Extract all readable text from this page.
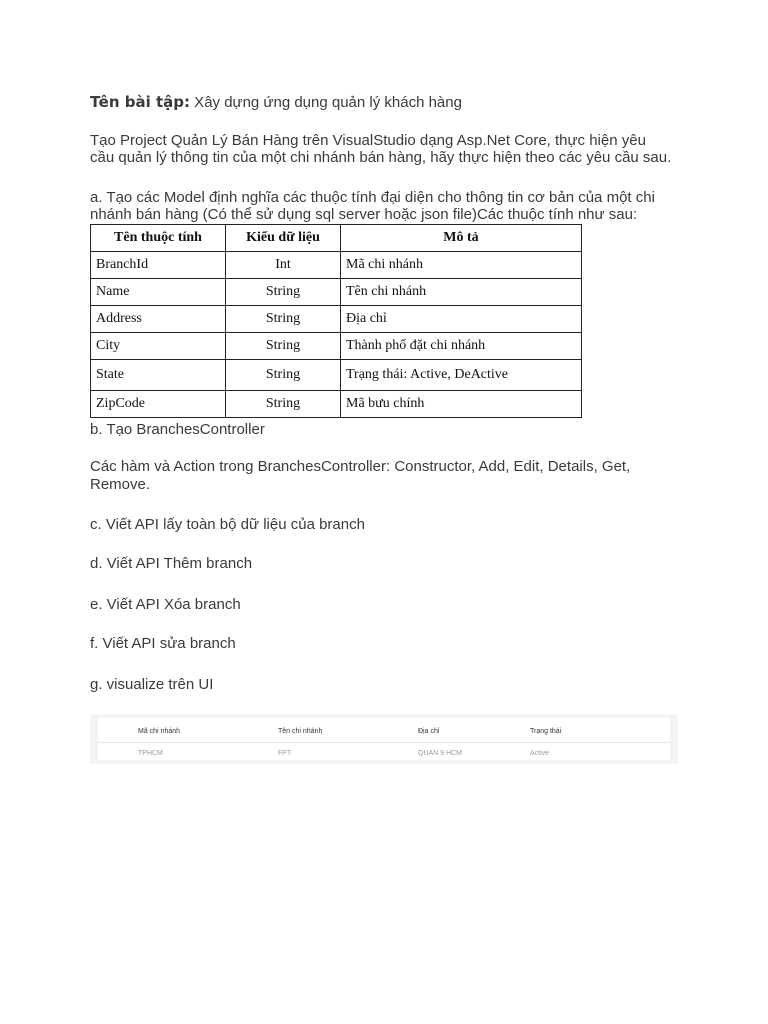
Tên bài tập: Xây dựng ứng dụng quản lý khách hàng
Tạo Project Quản Lý Bán Hàng trên VisualStudio dạng Asp.Net Core, thực hiện yêu
cầu quản lý thông tin của một chi nhánh bán hàng, hãy thực hiện theo các yêu cầu sau.
a. Tạo các Model định nghĩa các thuộc tính đại diện cho thông tin cơ bản của một chi
nhánh bán hàng (Có thể sử dụng sql server hoặc json file)Các thuộc tính như sau:
Tên thuộc tính	Kiểu dữ liệu	Mô tả
BranchId	Int	Mã chi nhánh
Name	String	Tên chi nhánh
Address	String	Địa chỉ
City	String	Thành phố đặt chi nhánh
State	String	Trạng thái: Active, DeActive
ZipCode	String	Mã bưu chính
b. Tạo BranchesController
Các hàm và Action trong BranchesController: Constructor, Add, Edit, Details, Get,
Remove.
c. Viết API lấy toàn bộ dữ liệu của branch
d. Viết API Thêm branch
e. Viết API Xóa branch
f. Viết API sửa branch
g. visualize trên UI
Mã chi nhánh	Tên chi nhánh	Địa chỉ	Trạng thái
TPHCM	FPT	QUAN 9 HCM	Active
